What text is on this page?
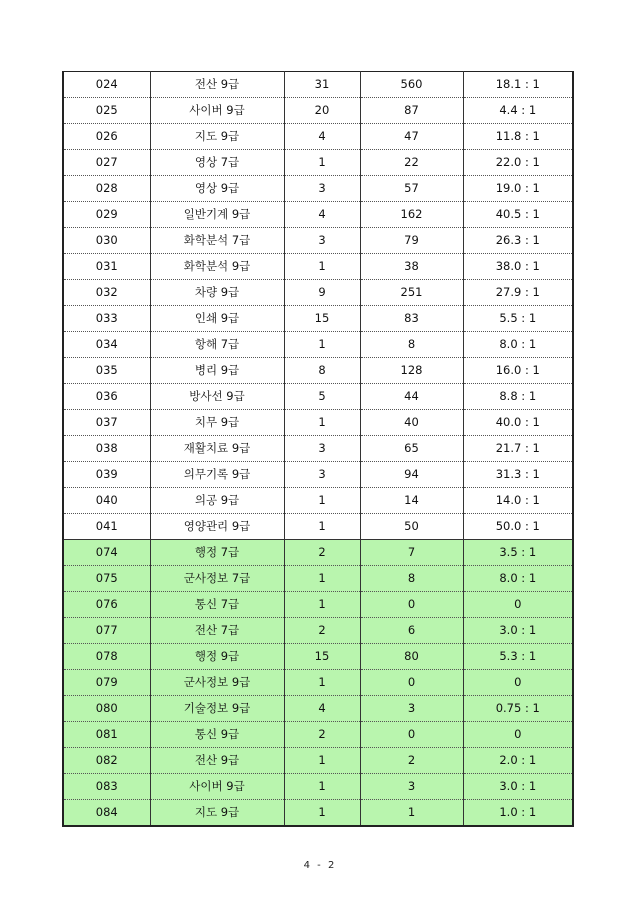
024	전산 9급	31	560	18.1 : 1
025	사이버 9급	20	87	4.4 : 1
026	지도 9급	4	47	11.8 : 1
027	영상 7급	1	22	22.0 : 1
028	영상 9급	3	57	19.0 : 1
029	일반기계 9급	4	162	40.5 : 1
030	화학분석 7급	3	79	26.3 : 1
031	화학분석 9급	1	38	38.0 : 1
032	차량 9급	9	251	27.9 : 1
033	인쇄 9급	15	83	5.5 : 1
034	항해 7급	1	8	8.0 : 1
035	병리 9급	8	128	16.0 : 1
036	방사선 9급	5	44	8.8 : 1
037	치무 9급	1	40	40.0 : 1
038	재활치료 9급	3	65	21.7 : 1
039	의무기록 9급	3	94	31.3 : 1
040	의공 9급	1	14	14.0 : 1
041	영양관리 9급	1	50	50.0 : 1
074	행정 7급	2	7	3.5 : 1
075	군사정보 7급	1	8	8.0 : 1
076	통신 7급	1	0	0
077	전산 7급	2	6	3.0 : 1
078	행정 9급	15	80	5.3 : 1
079	군사정보 9급	1	0	0
080	기술정보 9급	4	3	0.75 : 1
081	통신 9급	2	0	0
082	전산 9급	1	2	2.0 : 1
083	사이버 9급	1	3	3.0 : 1
084	지도 9급	1	1	1.0 : 1
4 - 2
